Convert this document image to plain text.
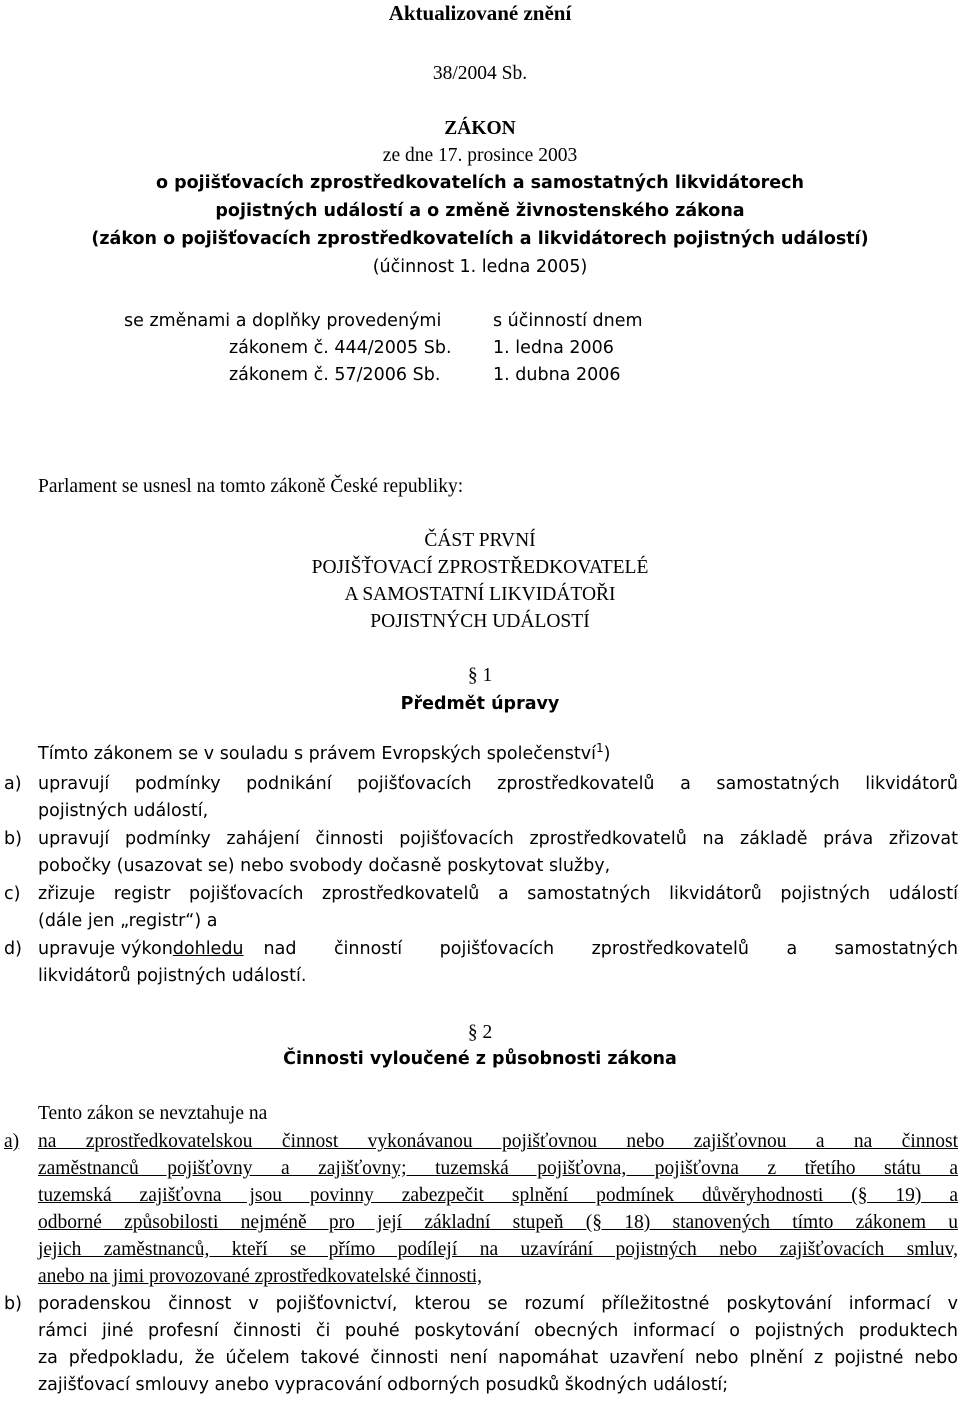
Aktualizované znění
38/2004 Sb.
ZÁKON
ze dne 17. prosince 2003
o pojišťovacích zprostředkovatelích a samostatných likvidátorech
pojistných událostí a o změně živnostenského zákona
(zákon o pojišťovacích zprostředkovatelích a likvidátorech pojistných událostí)
(účinnost 1. ledna 2005)
se změnami a doplňky provedenými	s účinností dnem
zákonem č. 444/2005 Sb. 1. ledna 2006
zákonem č. 57/2006 Sb.	1. dubna 2006
Parlament se usnesl na tomto zákoně České republiky:
ČÁST PRVNÍ
POJIŠŤOVACÍ ZPROSTŘEDKOVATELÉ
A SAMOSTATNÍ LIKVIDÁTOŘI
POJISTNÝCH UDÁLOSTÍ
§ 1
Předmět úpravy
Tímto zákonem se v souladu s právem Evropských společenství$^1$)
a) upravují podmínky podnikání pojišťovacích zprostředkovatelů a samostatných likvidátorů
pojistných událostí,
b) upravují podmínky zahájení činnosti pojišťovacích zprostředkovatelů na základě práva zřizovat
pobočky (usazovat se) nebo svobody dočasně poskytovat služby,
c) zřizuje registr pojišťovacích zprostředkovatelů a samostatných likvidátorů pojistných událostí
(dále jen „registr“) a
d) upravuje výkon dohledu nad činností pojišťovacích zprostředkovatelů a samostatných
likvidátorů pojistných událostí.
§ 2
Činnosti vyloučené z působnosti zákona
Tento zákon se nevztahuje na
a) na zprostředkovatelskou činnost vykonávanou pojišťovnou nebo zajišťovnou a na činnost
zaměstnanců pojišťovny a zajišťovny; tuzemská pojišťovna, pojišťovna z třetího státu a
tuzemská zajišťovna jsou povinny zabezpečit splnění podmínek důvěryhodnosti (§ 19) a
odborné způsobilosti nejméně pro její základní stupeň (§ 18) stanovených tímto zákonem u
jejich zaměstnanců, kteří se přímo podílejí na uzavírání pojistných nebo zajišťovacích smluv,
anebo na jimi provozované zprostředkovatelské činnosti,
b) poradenskou činnost v pojišťovnictví, kterou se rozumí příležitostné poskytování informací v
rámci jiné profesní činnosti či pouhé poskytování obecných informací o pojistných produktech
za předpokladu, že účelem takové činnosti není napomáhat uzavření nebo plnění z pojistné nebo
zajišťovací smlouvy anebo vypracování odborných posudků škodných událostí;
